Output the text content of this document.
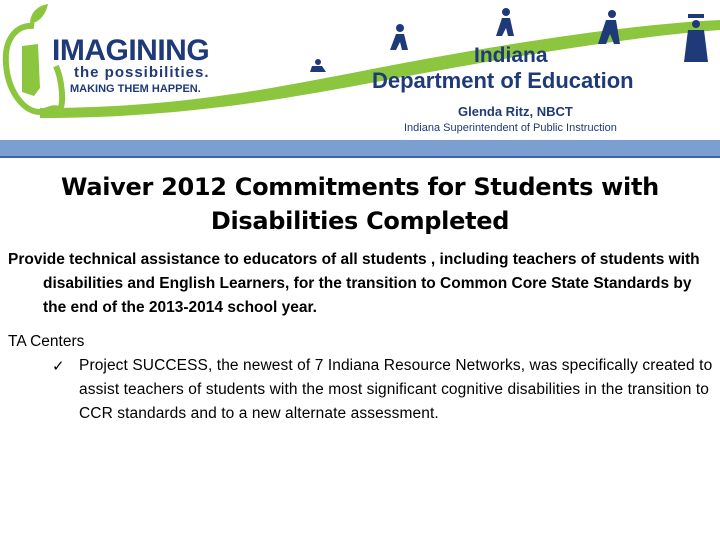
IMAGINING

the possibilities.

MAKING THEM HAPPEN.

Indiana

Department of Education

Glenda Ritz, NBCT

Indiana Superintendent of Public Instruction

Waiver 2012 Commitments for Students with Disabilities Completed

Provide technical assistance to educators of all students , including teachers of students with disabilities and English Learners, for the transition to Common Core State Standards by the end of the 2013-2014 school year.

TA Centers

✓ Project SUCCESS, the newest of 7 Indiana Resource Networks, was specifically created to assist teachers of students with the most significant cognitive disabilities in the transition to CCR standards and to a new alternate assessment.
